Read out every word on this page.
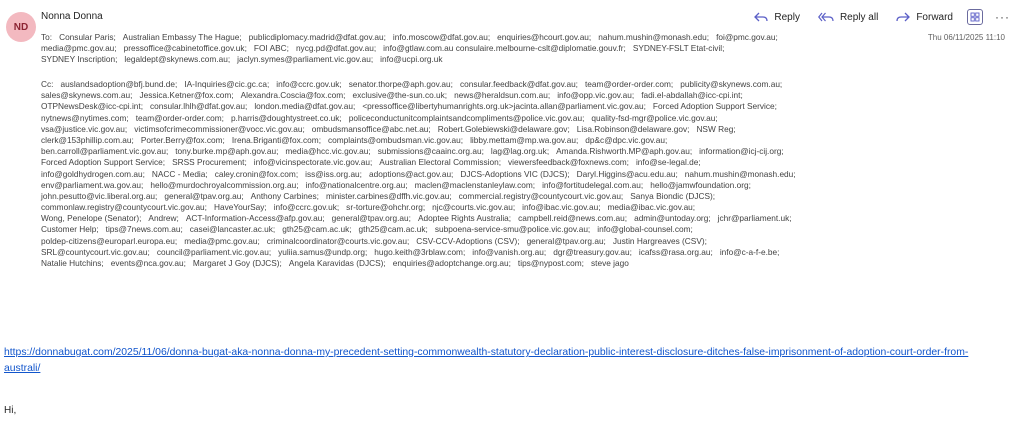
ND
Nonna Donna	Reply	Reply all	Forward	···
Thu 06/11/2025 11:10
To: Consular Paris; Australian Embassy The Hague; publicdiplomacy.madrid@dfat.gov.au; info.moscow@dfat.gov.au; enquiries@hcourt.gov.au; nahum.mushin@monash.edu; foi@pmc.gov.au;
media@pmc.gov.au; pressoffice@cabinetoffice.gov.uk; FOI ABC; nycg.pd@dfat.gov.au; info@gtlaw.com.au consulaire.melbourne-cslt@diplomatie.gouv.fr; SYDNEY-FSLT Etat-civil;
SYDNEY Inscription; legaldept@skynews.com.au; jaclyn.symes@parliament.vic.gov.au; info@ucpi.org.uk
Cc: auslandsadoption@bfj.bund.de; IA-Inquiries@cic.gc.ca; info@ccrc.gov.uk; senator.thorpe@aph.gov.au; consular.feedback@dfat.gov.au; team@order-order.com; publicity@skynews.com.au;
sales@skynews.com.au; Jessica.Ketner@fox.com; Alexandra.Coscia@fox.com; exclusive@the-sun.co.uk; news@heraldsun.com.au; info@opp.vic.gov.au; fadi.el-abdallah@icc-cpi.int;
OTPNewsDesk@icc-cpi.int; consular.lhlh@dfat.gov.au; london.media@dfat.gov.au; <pressoffice@libertyhumanrights.org.uk>jacinta.allan@parliament.vic.gov.au; Forced Adoption Support Service;
nytnews@nytimes.com; team@order-order.com; p.harris@doughtystreet.co.uk; policeconductunitcomplaintsandcompliments@police.vic.gov.au; quality-fsd-mgr@police.vic.gov.au;
vsa@justice.vic.gov.au; victimsofcrimecommissioner@vocc.vic.gov.au; ombudsmansoffice@abc.net.au; Robert.Golebiewski@delaware.gov; Lisa.Robinson@delaware.gov; NSW Reg;
clerk@153phillip.com.au; Porter.Berry@fox.com; Irena.Briganti@fox.com; complaints@ombudsman.vic.gov.au; libby.mettam@mp.wa.gov.au; dp&c@dpc.vic.gov.au;
ben.carroll@parliament.vic.gov.au; tony.burke.mp@aph.gov.au; media@hcc.vic.gov.au; submissions@caainc.org.au; lag@lag.org.uk; Amanda.Rishworth.MP@aph.gov.au; information@icj-cij.org;
Forced Adoption Support Service; SRSS Procurement; info@vicinspectorate.vic.gov.au; Australian Electoral Commission; viewersfeedback@foxnews.com; info@se-legal.de;
info@goldhydrogen.com.au; NACC - Media; caley.cronin@fox.com; iss@iss.org.au; adoptions@act.gov.au; DJCS-Adoptions VIC (DJCS); Daryl.Higgins@acu.edu.au; nahum.mushin@monash.edu;
env@parliament.wa.gov.au; hello@murdochroyalcommission.org.au; info@nationalcentre.org.au; maclen@maclenstanleylaw.com; info@fortitudelegal.com.au; hello@jamwfoundation.org;
john.pesutto@vic.liberal.org.au; general@tpav.org.au; Anthony Carbines; minister.carbines@dffh.vic.gov.au; commercial.registry@countycourt.vic.gov.au; Sanya Biondic (DJCS);
commonlaw.registry@countycourt.vic.gov.au; HaveYourSay; info@ccrc.gov.uk; sr-torture@ohchr.org; njc@courts.vic.gov.au; info@ibac.vic.gov.au; media@ibac.vic.gov.au;
Wong, Penelope (Senator); Andrew; ACT-Information-Access@afp.gov.au; general@tpav.org.au; Adoptee Rights Australia; campbell.reid@news.com.au; admin@untoday.org; jchr@parliament.uk;
Customer Help; tips@7news.com.au; casei@lancaster.ac.uk; gth25@cam.ac.uk; gth25@cam.ac.uk; subpoena-service-smu@police.vic.gov.au; info@global-counsel.com;
poldep-citizens@europarl.europa.eu; media@pmc.gov.au; criminalcoordinator@courts.vic.gov.au; CSV-CCV-Adoptions (CSV); general@tpav.org.au; Justin Hargreaves (CSV);
SRL@countycourt.vic.gov.au; council@parliament.vic.gov.au; yuliia.samus@undp.org; hugo.keith@3rblaw.com; info@vanish.org.au; dgr@treasury.gov.au; icafss@rasa.org.au; info@c-a-f-e.be;
Natalie Hutchins; events@nca.gov.au; Margaret J Goy (DJCS); Angela Karavidas (DJCS); enquiries@adoptchange.org.au; tips@nypost.com; steve jago
https://donnabugat.com/2025/11/06/donna-bugat-aka-nonna-donna-my-precedent-setting-commonwealth-statutory-declaration-public-interest-disclosure-ditches-false-imprisonment-of-adoption-court-order-from-australi/
Hi,
